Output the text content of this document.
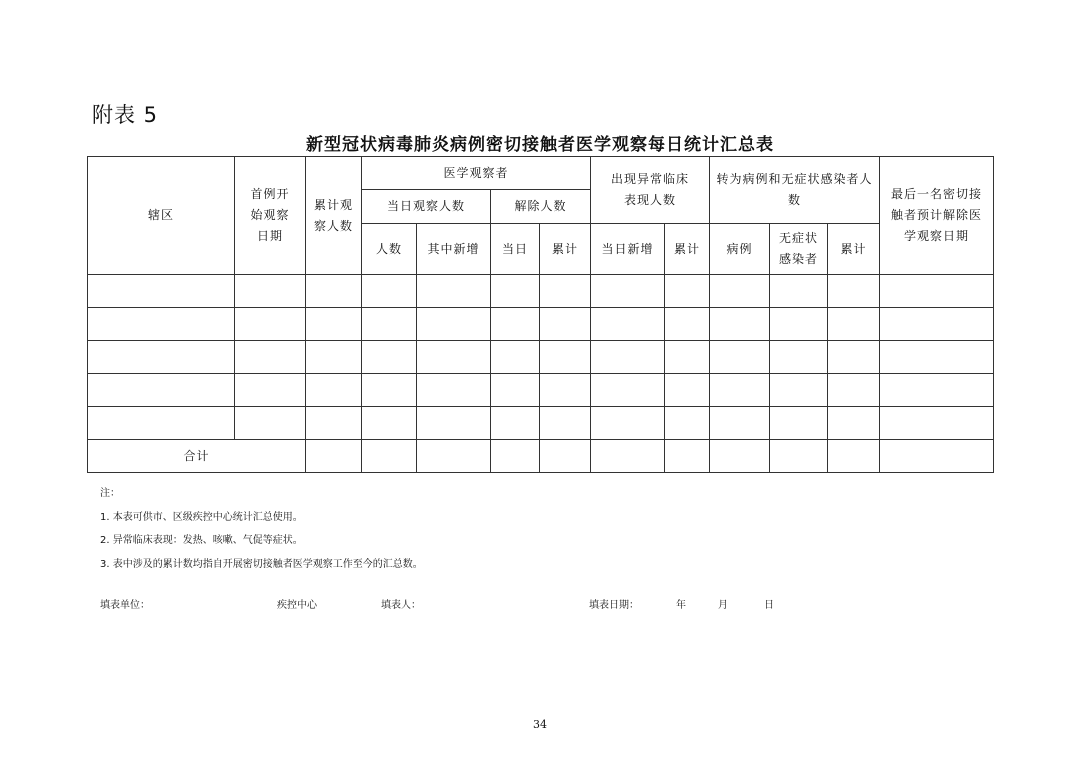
附表 5
新型冠状病毒肺炎病例密切接触者医学观察每日统计汇总表
辖区	首例开始观察日期	累计观察人数	医学观察者				出现异常临床表现人数		转为病例和无症状感染者人数			最后一名密切接触者预计解除医学观察日期
			当日观察人数		解除人数							
			人数	其中新增	当日	累计	当日新增	累计	病例	无症状感染者	累计	

合计												
注：
1. 本表可供市、区级疾控中心统计汇总使用。
2. 异常临床表现：发热、咳嗽、气促等症状。
3. 表中涉及的累计数均指自开展密切接触者医学观察工作至今的汇总数。
填表单位：	疾控中心	填表人：	填表日期：	年	月	日
34
